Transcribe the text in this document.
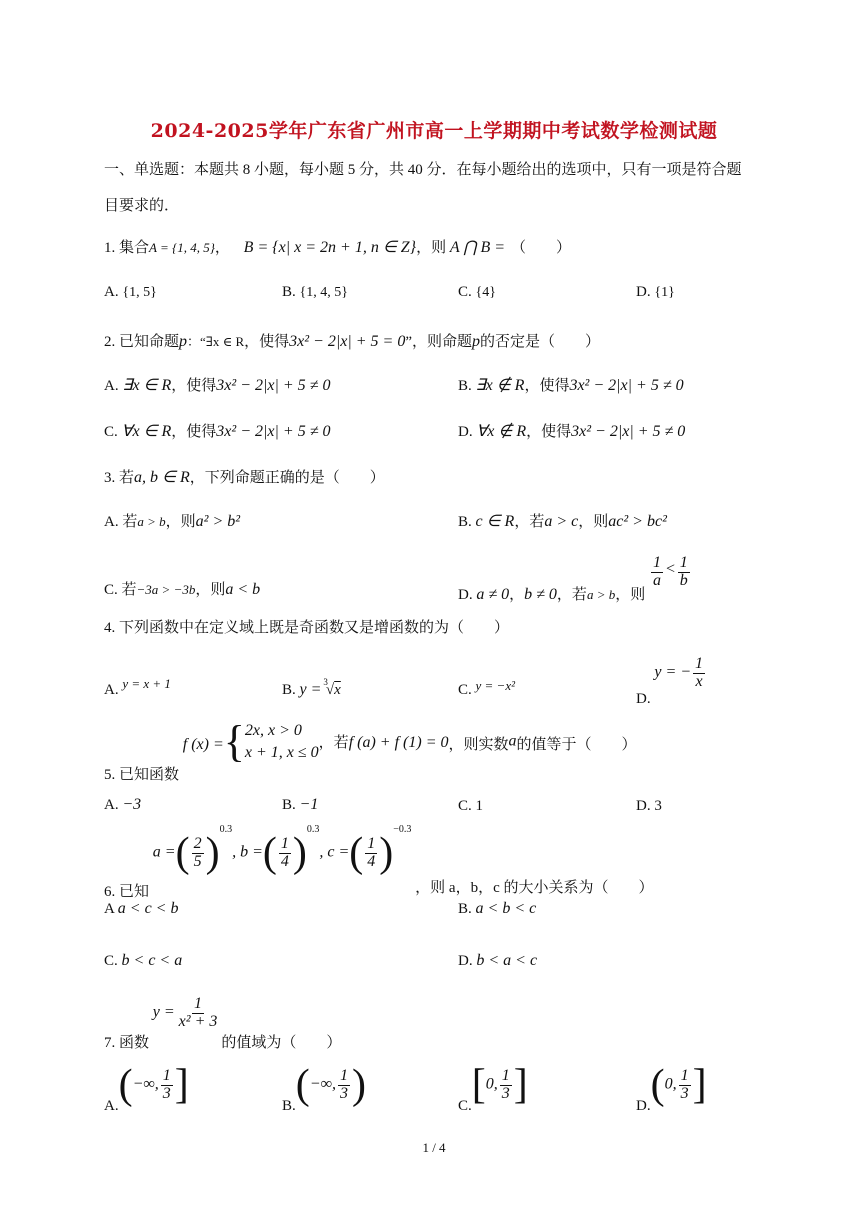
2024-2025学年广东省广州市高一上学期期中考试数学检测试题
一、单选题：本题共 8 小题，每小题 5 分，共 40 分．在每小题给出的选项中，只有一项是符合题
目要求的．
1. 集合A = {1, 4, 5}， B = {x| x = 2n + 1, n ∈ Z}，则 A ⋂ B = （　　）
A. {1, 5}	B. {1, 4, 5}	C. {4}	D. {1}
2. 已知命题p：“∃x ∈ R，使得3x² − 2|x| + 5 = 0”，则命题p的否定是（　　）
A. ∃x ∈ R，使得3x² − 2|x| + 5 ≠ 0	B. ∃x ∉ R，使得3x² − 2|x| + 5 ≠ 0
C. ∀x ∈ R，使得3x² − 2|x| + 5 ≠ 0	D. ∀x ∉ R，使得3x² − 2|x| + 5 ≠ 0
3. 若a, b ∈ R，下列命题正确的是（　　）
A. 若a > b，则a² > b²	B. c ∈ R，若a > c，则ac² > bc²
C. 若−3a > −3b，则a < b	D. a ≠ 0，b ≠ 0，若a > b，则
$\frac{1}{a} < \frac{1}{b}$
4. 下列函数中在定义域上既是奇函数又是增函数的为（　　）
A. y = x + 1	B. y = $^3$√x	C. y = −x²
D. y = − $\frac{1}{x}$
5. 已知函数 f (x) ={2x, x > 0
x + 1, x ≤ 0，若f (a) + f (1) = 0，则实数a的值等于（　　）
A. −3	B. −1	C. 1	D. 3
6. 已知 a =( $\frac{2}{5} )^{0.3}$, b =( $\frac{1}{4} )^{0.3}$, c =( $\frac{1}{4} )^{-0.3}$ ，则 a，b，c 的大小关系为（　　）
A a < c < b	B. a < b < c
C. b < c < a	D. b < a < c
7. 函数 $y = \frac{1}{\text{x² + 3}}$
的值域为（　　）
A.(−∞, $\frac{1}{3}$ ]	B.(−∞, $\frac{1}{3}$ )	C.[0, $\frac{1}{3}$ ]	D.(0, $\frac{1}{3}$ ]
1 / 4
